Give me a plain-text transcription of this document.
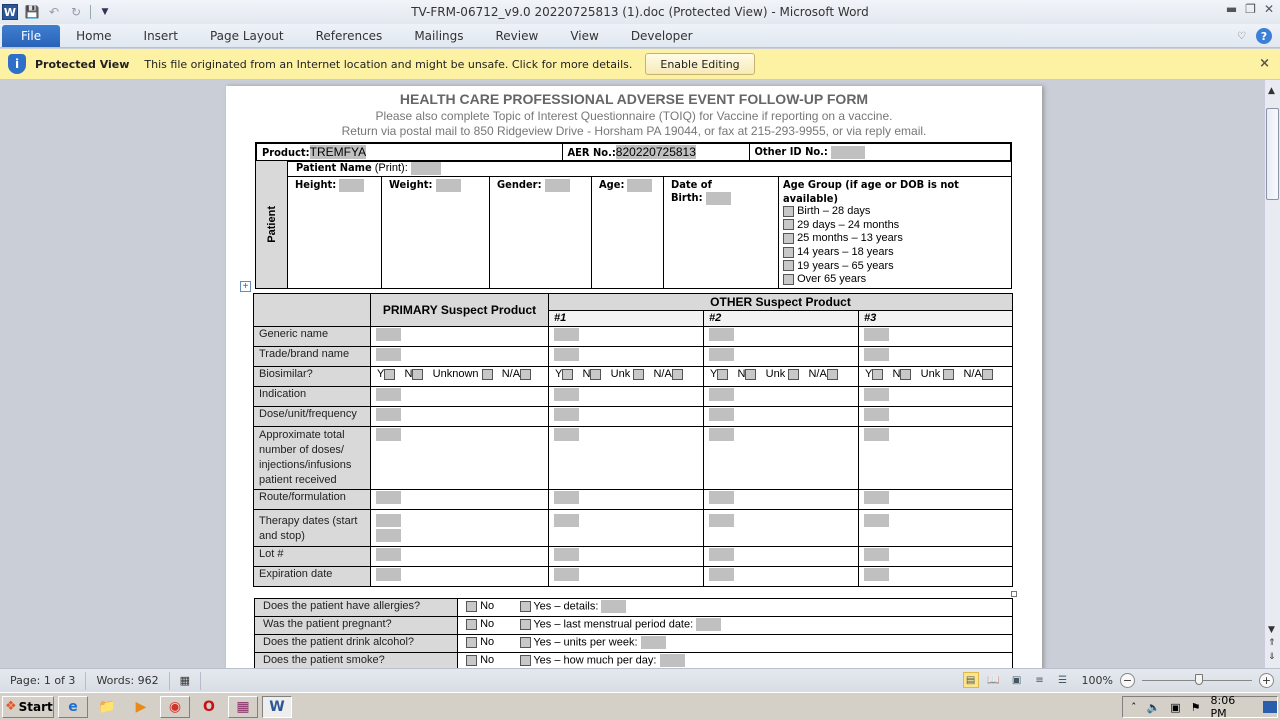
W 💾 ↶ ↻	▼	TV-FRM-06712_v9.0 20220725813 (1).doc (Protected View) - Microsoft Word	▬ ❐ ✕
File	Home	Insert	Page Layout	References	Mailings	Review	View	Developer	♡	?
i	Protected View This file originated from an Internet location and might be unsafe. Click for more details.	Enable Editing	×
HEALTH CARE PROFESSIONAL ADVERSE EVENT FOLLOW-UP FORM
Please also complete Topic of Interest Questionnaire (TOIQ) for Vaccine if reporting on a vaccine.
Return via postal mail to 850 Ridgeview Drive - Horsham PA 19044, or fax at 215-293-9955, or via reply email.
Product:TREMFYA	AER No.:820220725813	Other ID No.:
Patient	Patient Name (Print):					
Height:	Weight:	Gender:	Age:	Date of
Birth:

Age Group (if age or DOB is not available)
Birth – 28 days
29 days – 24 months
25 months – 13 years
14 years – 18 years
19 years – 65 years
Over 65 years
+
	PRIMARY Suspect Product	OTHER Suspect Product		
		#1	#2	#3
Generic name				
Trade/brand name				
Biosimilar?	Y N Unknown N/A	Y N Unk N/A	Y N Unk N/A	Y N Unk N/A
Indication				
Dose/unit/frequency				
Approximate total number of doses/ injections/infusions patient received				
Route/formulation				
Therapy dates (start and stop)	

Lot #				
Expiration date				
Does the patient have allergies?	No	Yes – details:
Was the patient pregnant?	No	Yes – last menstrual period date:
Does the patient drink alcohol?	No	Yes – units per week:
Does the patient smoke?	No	Yes – how much per day:
▲
▼
⇑
⇓
Page: 1 of 3	Words: 962	▦	▤	📖	▣	≡	☰	100% −	+
❖ Start	e	📁	▶	◉	O	▦	W	ˆ 🔈 ▣ ⚑ 8:06 PM
